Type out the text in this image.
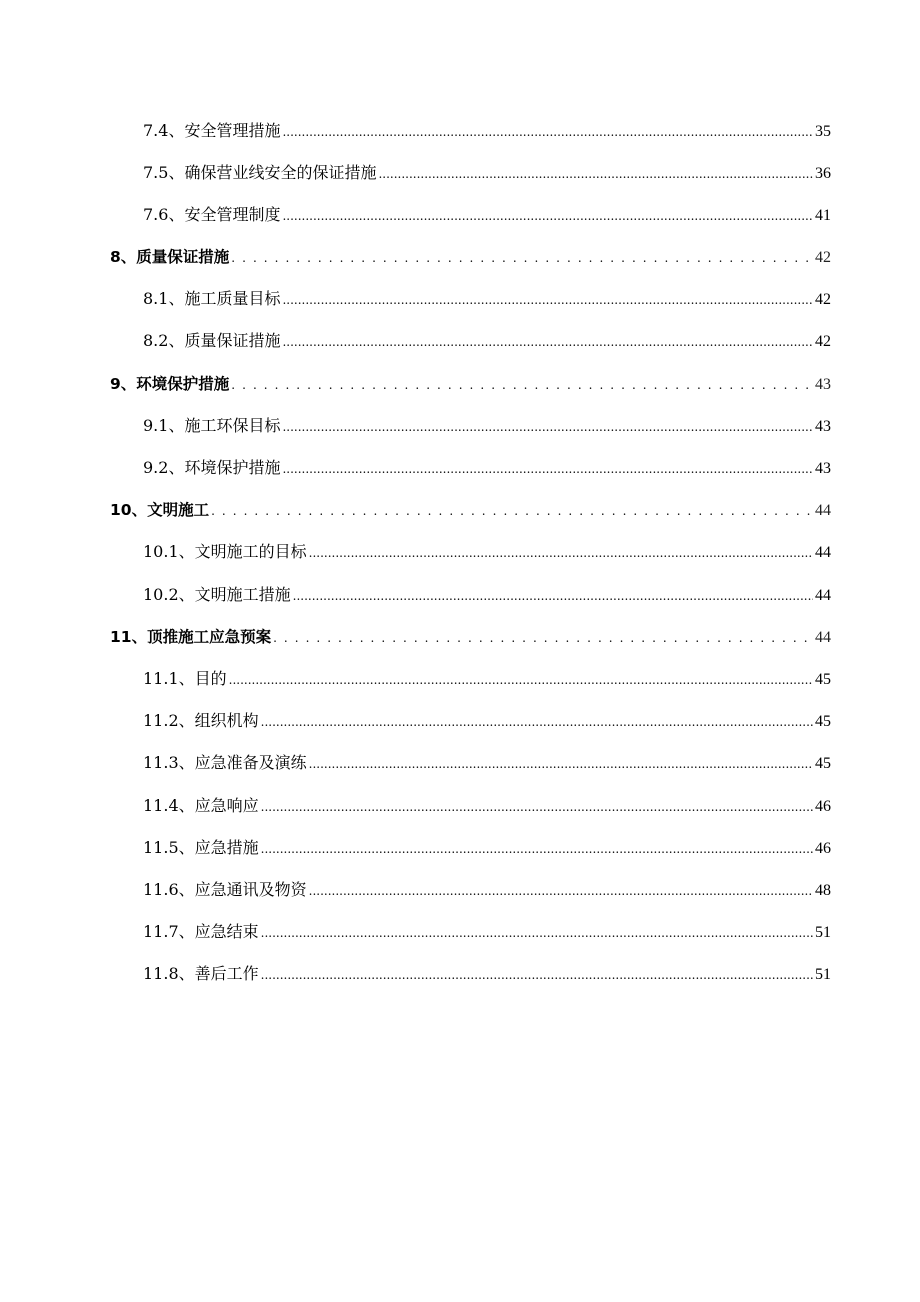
7.4、安全管理措施 .....	35
7.5、确保营业线安全的保证措施 .....	36
7.6、安全管理制度 .....	41
8、质量保证措施 . . .	42
8.1、施工质量目标 .....	42
8.2、质量保证措施 .....	42
9、环境保护措施 . . .	43
9.1、施工环保目标 .....	43
9.2、环境保护措施 .....	43
10、文明施工 . . .	44
10.1、文明施工的目标 .....	44
10.2、文明施工措施 .....	44
11、顶推施工应急预案 . . .	44
11.1、目的 .....	45
11.2、组织机构 .....	45
11.3、应急准备及演练 .....	45
11.4、应急响应 .....	46
11.5、应急措施 .....	46
11.6、应急通讯及物资 .....	48
11.7、应急结束 .....	51
11.8、善后工作 .....	51
